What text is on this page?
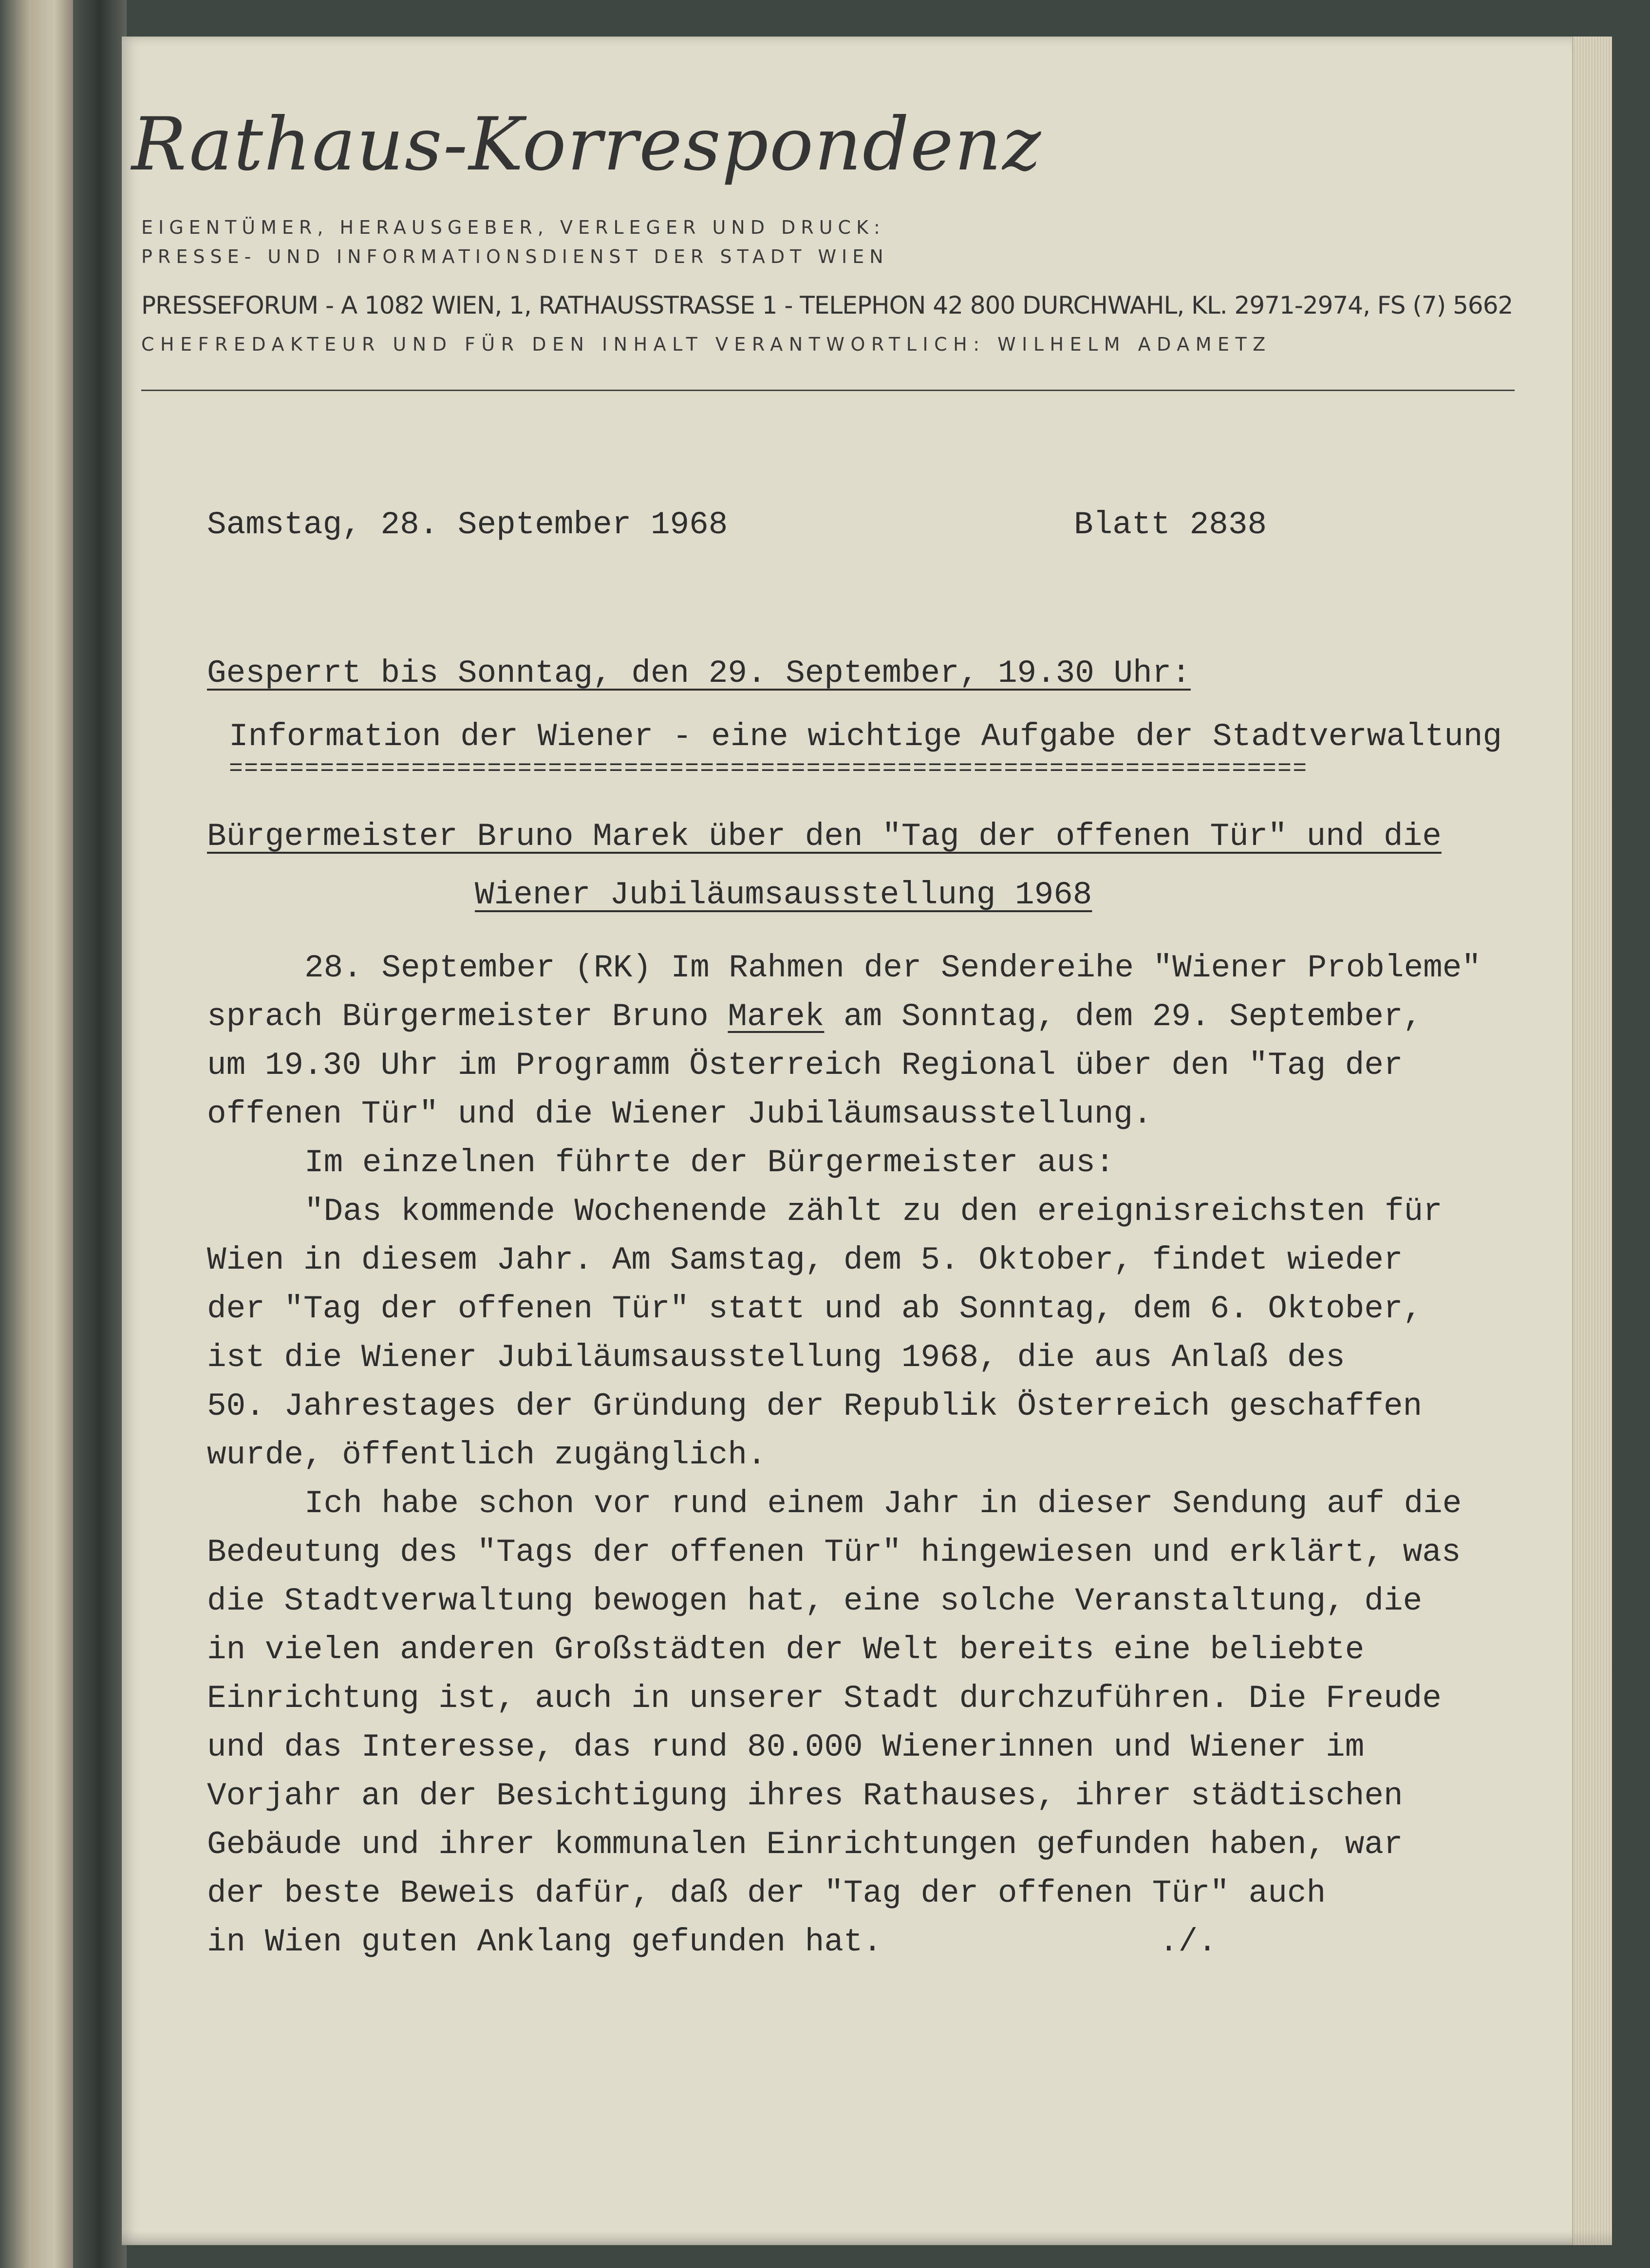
Rathaus-Korrespondenz

EIGENTÜMER, HERAUSGEBER, VERLEGER UND DRUCK:

PRESSE- UND INFORMATIONSDIENST DER STADT WIEN

PRESSEFORUM - A 1082 WIEN, 1, RATHAUSSTRASSE 1 - TELEPHON 42 800 DURCHWAHL, KL. 2971-2974, FS (7) 5662

CHEFREDAKTEUR UND FÜR DEN INHALT VERANTWORTLICH: WILHELM ADAMETZ

Samstag, 28. September 1968	Blatt 2838

Gesperrt bis Sonntag, den 29. September, 19.30 Uhr:

Information der Wiener - eine wichtige Aufgabe der Stadtverwaltung

=======================================================================

Bürgermeister Bruno Marek über den "Tag der offenen Tür" und die

Wiener Jubiläumsausstellung 1968

28. September (RK) Im Rahmen der Sendereihe "Wiener Probleme"
sprach Bürgermeister Bruno Marek am Sonntag, dem 29. September,
um 19.30 Uhr im Programm Österreich Regional über den "Tag der
offenen Tür" und die Wiener Jubiläumsausstellung.
Im einzelnen führte der Bürgermeister aus:
"Das kommende Wochenende zählt zu den ereignisreichsten für
Wien in diesem Jahr. Am Samstag, dem 5. Oktober, findet wieder
der "Tag der offenen Tür" statt und ab Sonntag, dem 6. Oktober,
ist die Wiener Jubiläumsausstellung 1968, die aus Anlaß des
50. Jahrestages der Gründung der Republik Österreich geschaffen
wurde, öffentlich zugänglich.
Ich habe schon vor rund einem Jahr in dieser Sendung auf die
Bedeutung des "Tags der offenen Tür" hingewiesen und erklärt, was
die Stadtverwaltung bewogen hat, eine solche Veranstaltung, die
in vielen anderen Großstädten der Welt bereits eine beliebte
Einrichtung ist, auch in unserer Stadt durchzuführen. Die Freude
und das Interesse, das rund 80.000 Wienerinnen und Wiener im
Vorjahr an der Besichtigung ihres Rathauses, ihrer städtischen
Gebäude und ihrer kommunalen Einrichtungen gefunden haben, war
der beste Beweis dafür, daß der "Tag der offenen Tür" auch
in Wien guten Anklang gefunden hat.	./.
